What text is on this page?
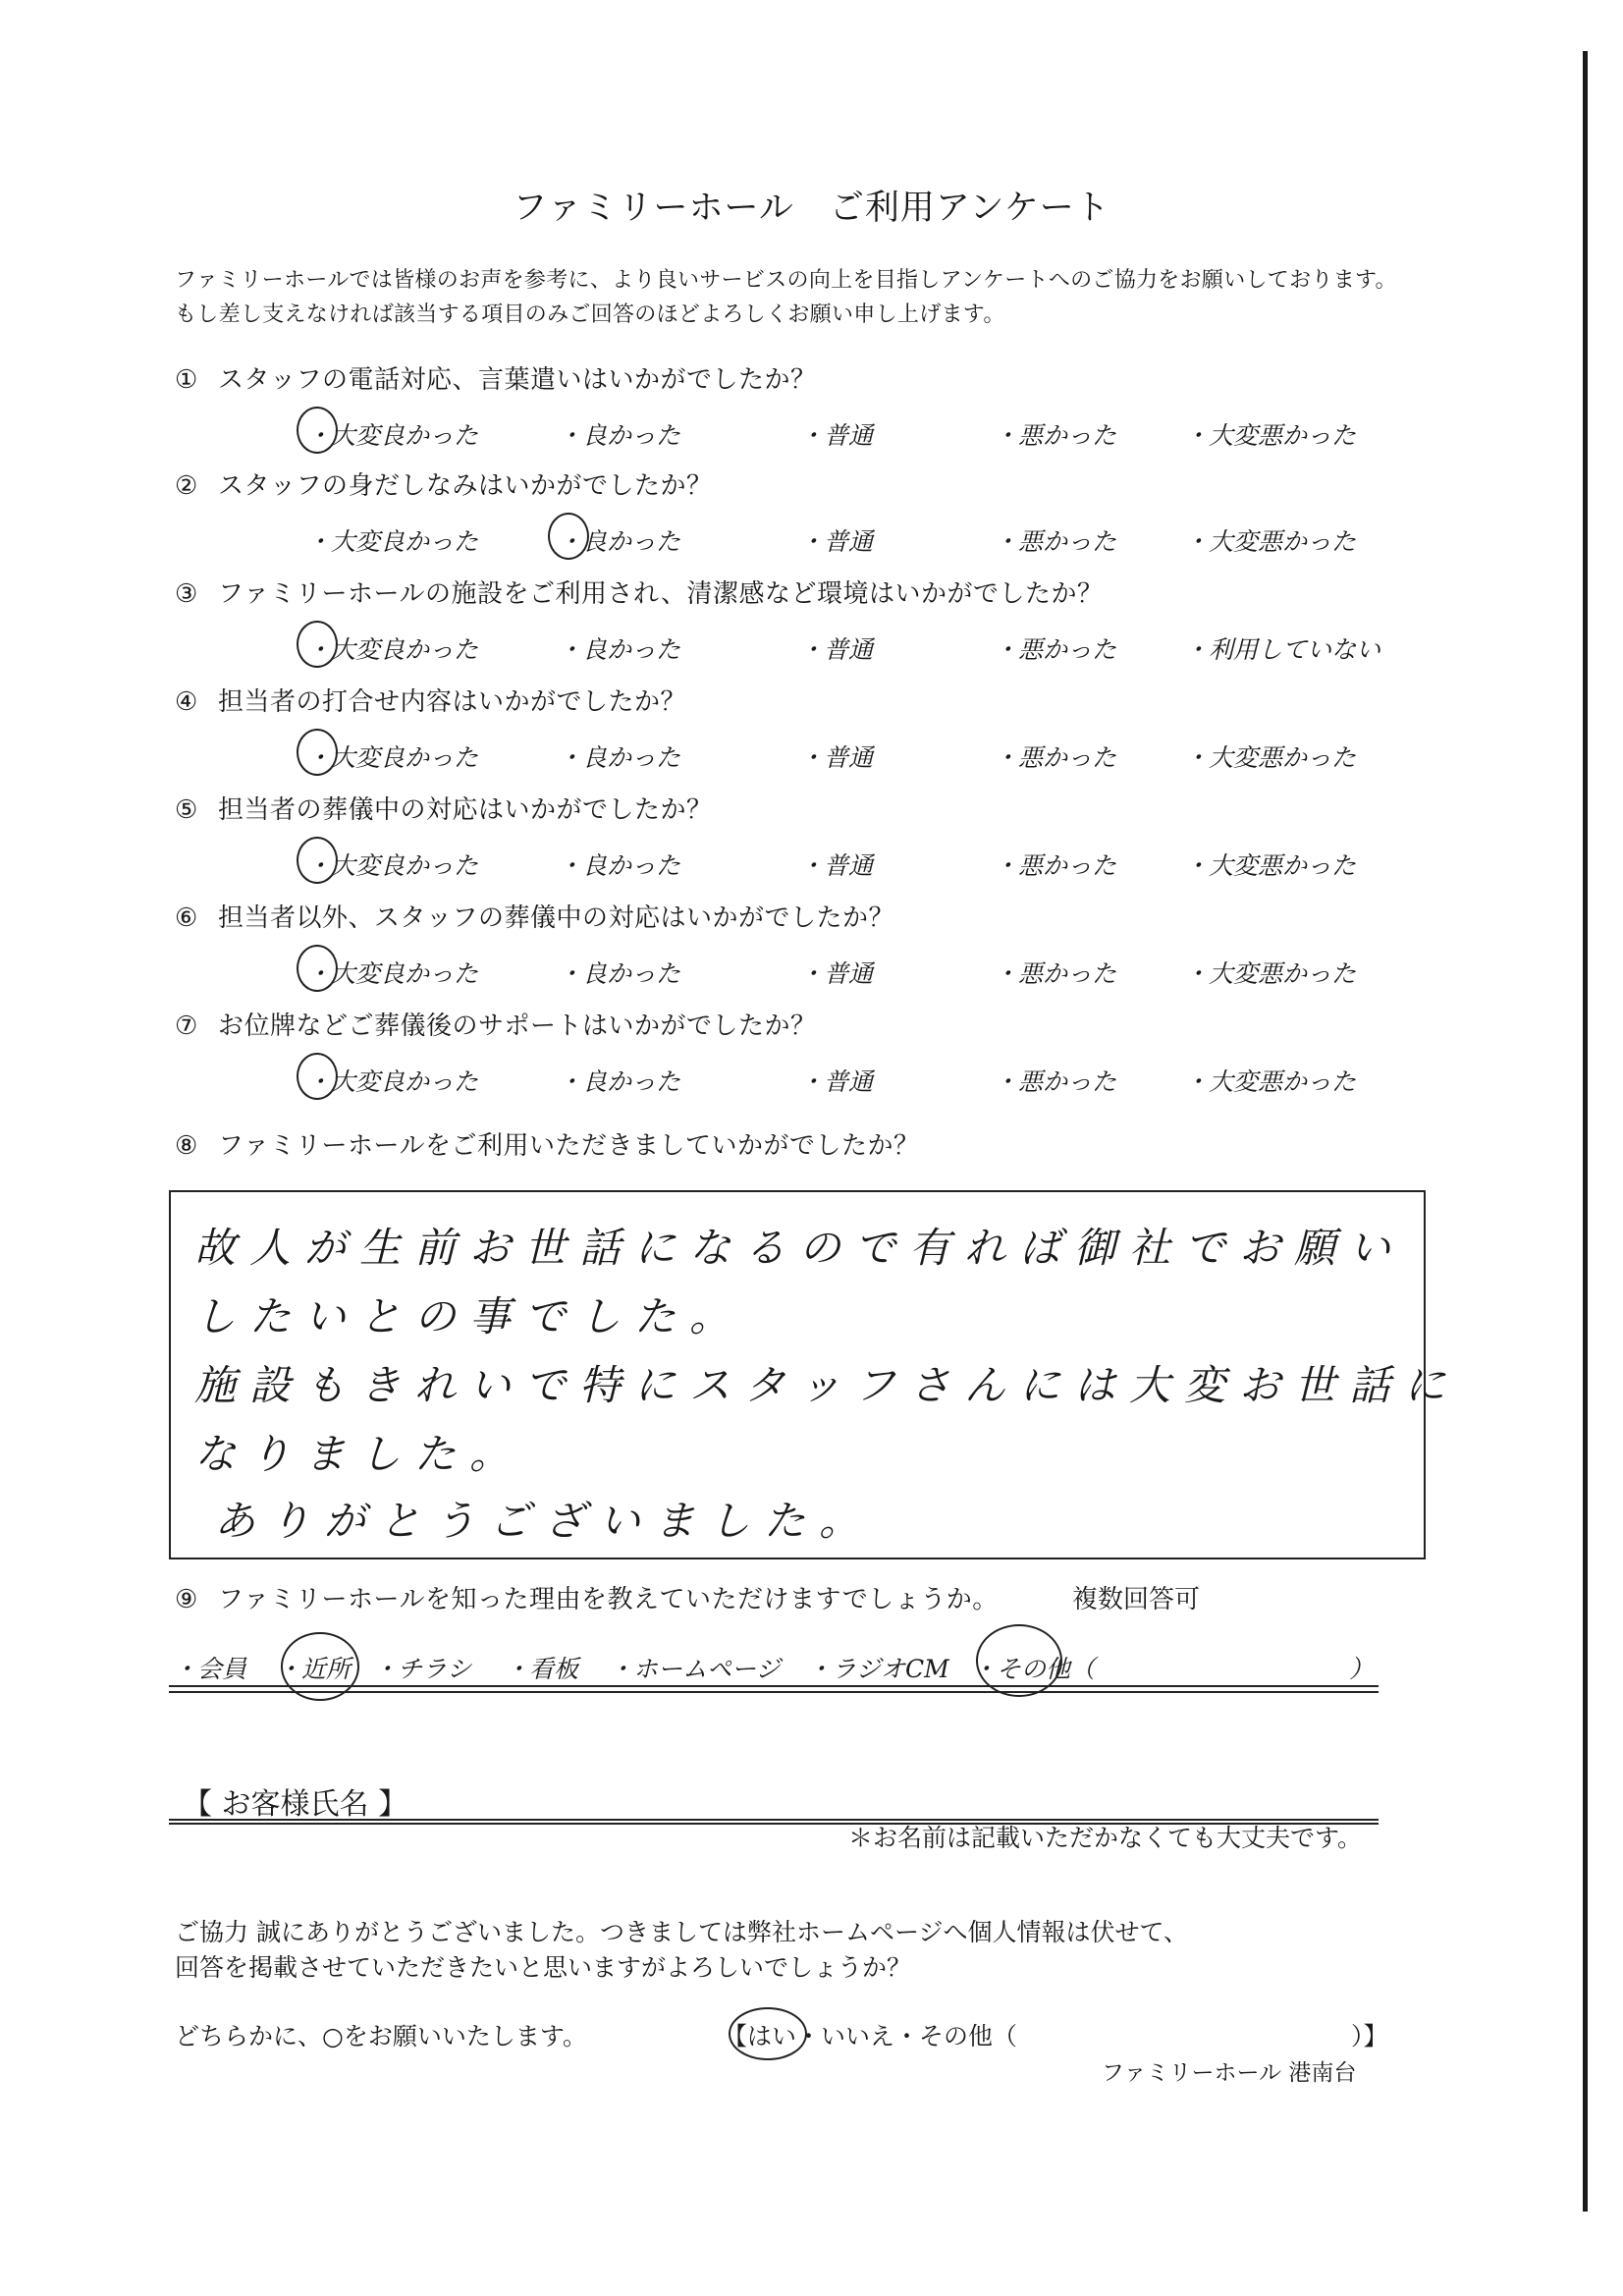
ファミリーホール　ご利用アンケート
ファミリーホールでは皆様のお声を参考に、より良いサービスの向上を目指しアンケートへのご協力をお願いしております。
もし差し支えなければ該当する項目のみご回答のほどよろしくお願い申し上げます。
① スタッフの電話対応、言葉遣いはいかがでしたか？
・大変良かった	・良かった	・普通	・悪かった	・大変悪かった
② スタッフの身だしなみはいかがでしたか？
・大変良かった	・良かった	・普通	・悪かった	・大変悪かった
③ ファミリーホールの施設をご利用され、清潔感など環境はいかがでしたか？
・大変良かった	・良かった	・普通	・悪かった	・利用していない
④ 担当者の打合せ内容はいかがでしたか？
・大変良かった	・良かった	・普通	・悪かった	・大変悪かった
⑤ 担当者の葬儀中の対応はいかがでしたか？
・大変良かった	・良かった	・普通	・悪かった	・大変悪かった
⑥ 担当者以外、スタッフの葬儀中の対応はいかがでしたか？
・大変良かった	・良かった	・普通	・悪かった	・大変悪かった
⑦ お位牌などご葬儀後のサポートはいかがでしたか？
・大変良かった	・良かった	・普通	・悪かった	・大変悪かった
⑧ ファミリーホールをご利用いただきましていかがでしたか？
故人が生前お世話になるので有れば御社でお願い
したいとの事でした。
施設もきれいで特にスタッフさんには大変お世話に
なりました。
ありがとうございました。
⑨ ファミリーホールを知った理由を教えていただけますでしょうか。	複数回答可
・会員 ・近所 ・チラシ ・看板 ・ホームページ ・ラジオCM ・その他（	）
【 お客様氏名 】
＊お名前は記載いただかなくても大丈夫です。
ご協力 誠にありがとうございました。つきましては弊社ホームページへ個人情報は伏せて、
回答を掲載させていただきたいと思いますがよろしいでしょうか？
どちらかに、○をお願いいたします。	【はい・いいえ・その他（	）】
ファミリーホール 港南台
